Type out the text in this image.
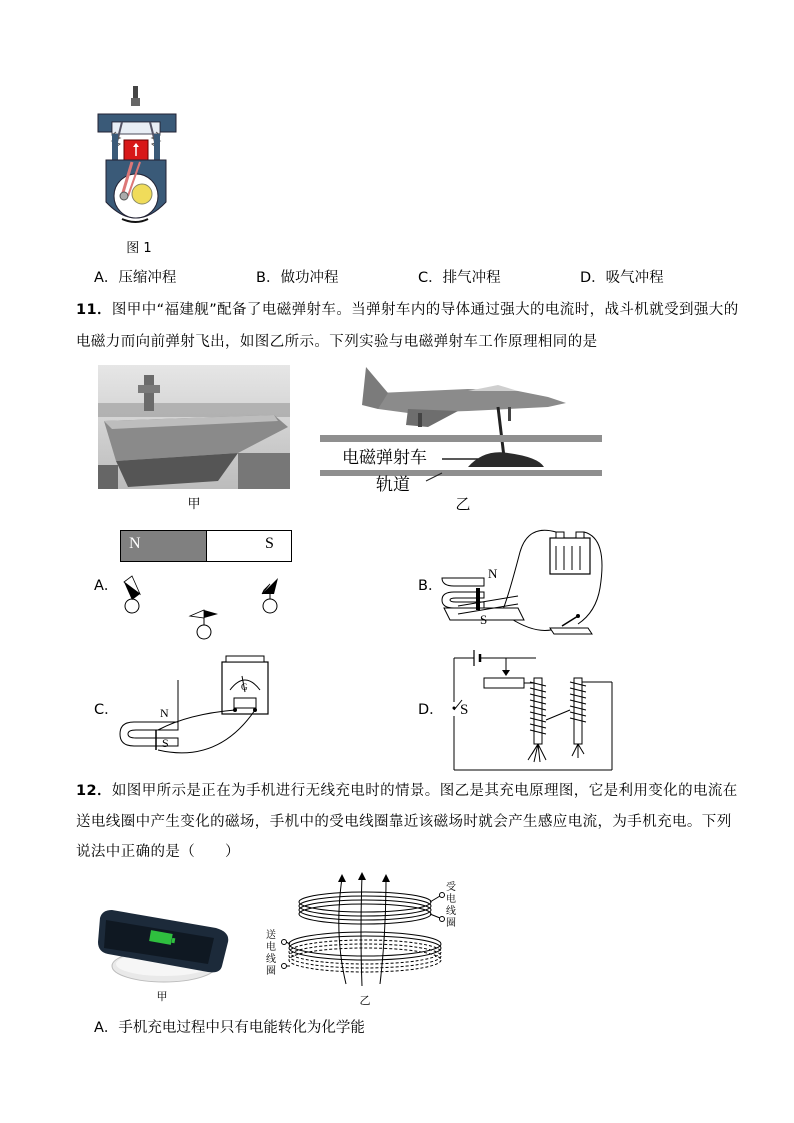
图 1
A．压缩冲程	B．做功冲程	C．排气冲程	D．吸气冲程
11．图甲中“福建舰”配备了电磁弹射车。当弹射车内的导体通过强大的电流时，战斗机就受到强大的电磁力而向前弹射飞出，如图乙所示。下列实验与电磁弹射车工作原理相同的是
甲
电磁弹射车
轨道
乙
A．
N	S
B．
N
S
C．	N
S
G
D． S
12．如图甲所示是正在为手机进行无线充电时的情景。图乙是其充电原理图，它是利用变化的电流在送电线圈中产生变化的磁场，手机中的受电线圈靠近该磁场时就会产生感应电流，为手机充电。下列说法中正确的是（　　）
甲
受
电
线
圈
送
电
线
圈
乙
A．手机充电过程中只有电能转化为化学能
